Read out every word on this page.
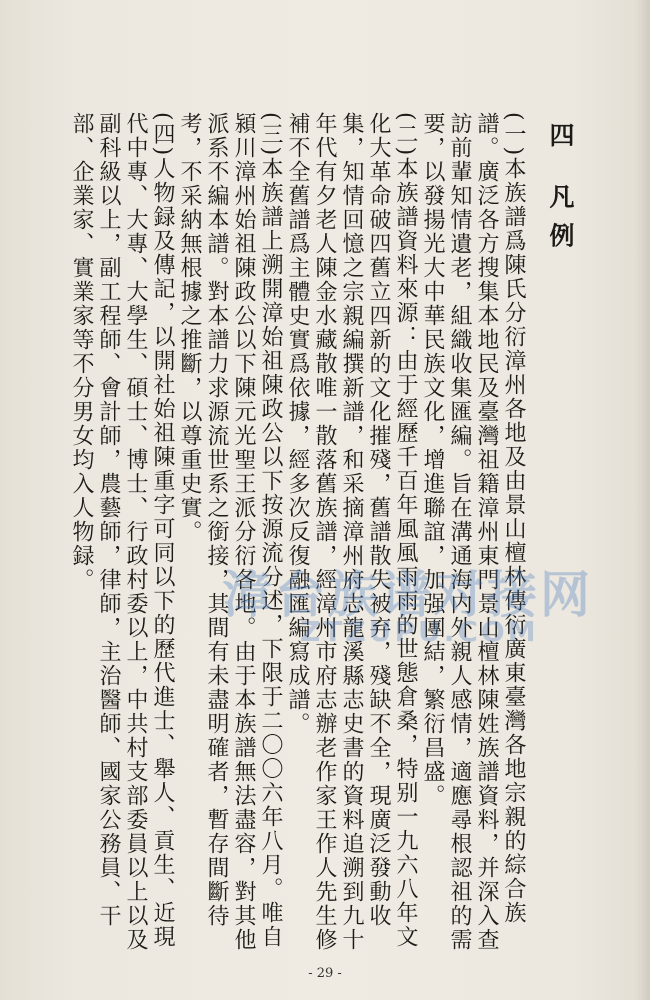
四 凡例

(一)本族譜爲陳氏分衍漳州各地及由景山檀林傳衍廣東臺灣各地宗親的綜合族譜。廣泛各方搜集本地民及臺灣祖籍漳州東門景山檀林陳姓族譜資料，并深入查訪前輩知情遺老，組織收集匯編。旨在溝通海内外親人感情，適應尋根認祖的需要，以發揚光大中華民族文化，增進聯誼，加强團結，繁衍昌盛。

(二)本族譜資料來源：由于經歷千百年風風雨雨的世態倉桑，特别一九六八年文化大革命破四舊立四新的文化摧殘，舊譜散失被弃，殘缺不全，現廣泛發動收集，知情回憶之宗親編撰新譜，和采摘漳州府志龍溪縣志史書的資料追溯到九十年代有夕老人陳金水藏散唯一散落舊族譜，經漳州市府志辦老作家王作人先生修補不全舊譜爲主體史實爲依據，經多次反復融匯編寫成譜。

(三)本族譜上溯開漳始祖陳政公以下按源流分述，下限于二〇〇六年八月。唯自潁川漳州始祖陳政公以下陳元光聖王派分衍各地。由于本族譜無法盡容，對其他派系不編本譜。對本譜力求源流世系之銜接，其間有未盡明確者，暫存間斷待考，不采納無根據之推斷，以尊重史實。

(四)人物録及傳記，以開社始祖陳重字可同以下的歷代進士、舉人、貢生、近現代中專、大專、大學生、碩士、博士、行政村委以上，中共村支部委員以上以及副科級以上，副工程師、會計師，農藝師，律師，主治醫師、國家公務員、干部、企業家、實業家等不分男女均入人物録。

漳台族谱对接网
ZTZUPU.COM
- 29 -
